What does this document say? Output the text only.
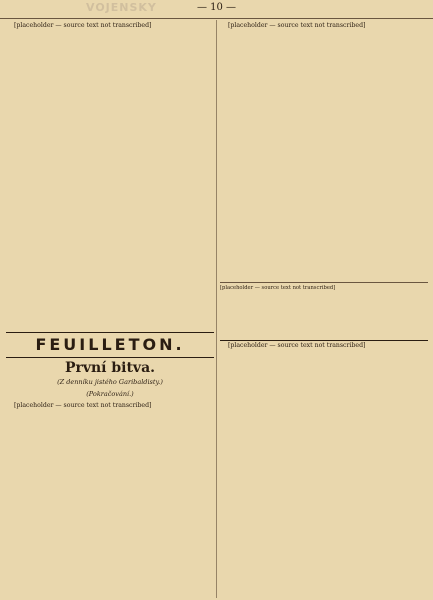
VOJENSKY	— 10 —

[placeholder — source text not transcribed]

FEUILLETON.
První bitva.
(Z denníku jistého Garibaldisty.)
(Pokračování.)

[placeholder — source text not transcribed]

[placeholder — source text not transcribed]

[placeholder — source text not transcribed]

[placeholder — source text not transcribed]
